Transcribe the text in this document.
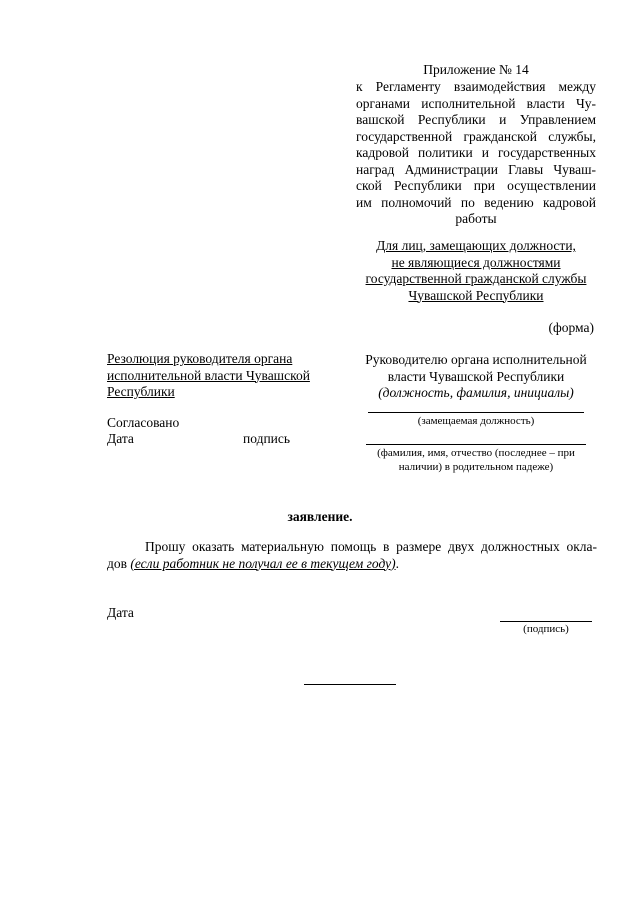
Приложение № 14
к Регламенту взаимодействия между
органами исполнительной власти Чу-
вашской Республики и Управлением
государственной гражданской службы,
кадровой политики и государственных
наград Администрации Главы Чуваш-
ской Республики при осуществлении
им полномочий по ведению кадровой
работы
Для лиц, замещающих должности,
не являющиеся должностями
государственной гражданской службы
Чувашской Республики
(форма)
Резолюция руководителя органа
исполнительной власти Чувашской
Республики
Согласовано
Дата	подпись
Руководителю органа исполнительной
власти Чувашской Республики
(должность, фамилия, инициалы)
(замещаемая должность)
(фамилия, имя, отчество (последнее – при
наличии) в родительном падеже)
заявление.
Прошу оказать материальную помощь в размере двух должностных окла-
дов (если работник не получал ее в текущем году).
Дата
(подпись)
